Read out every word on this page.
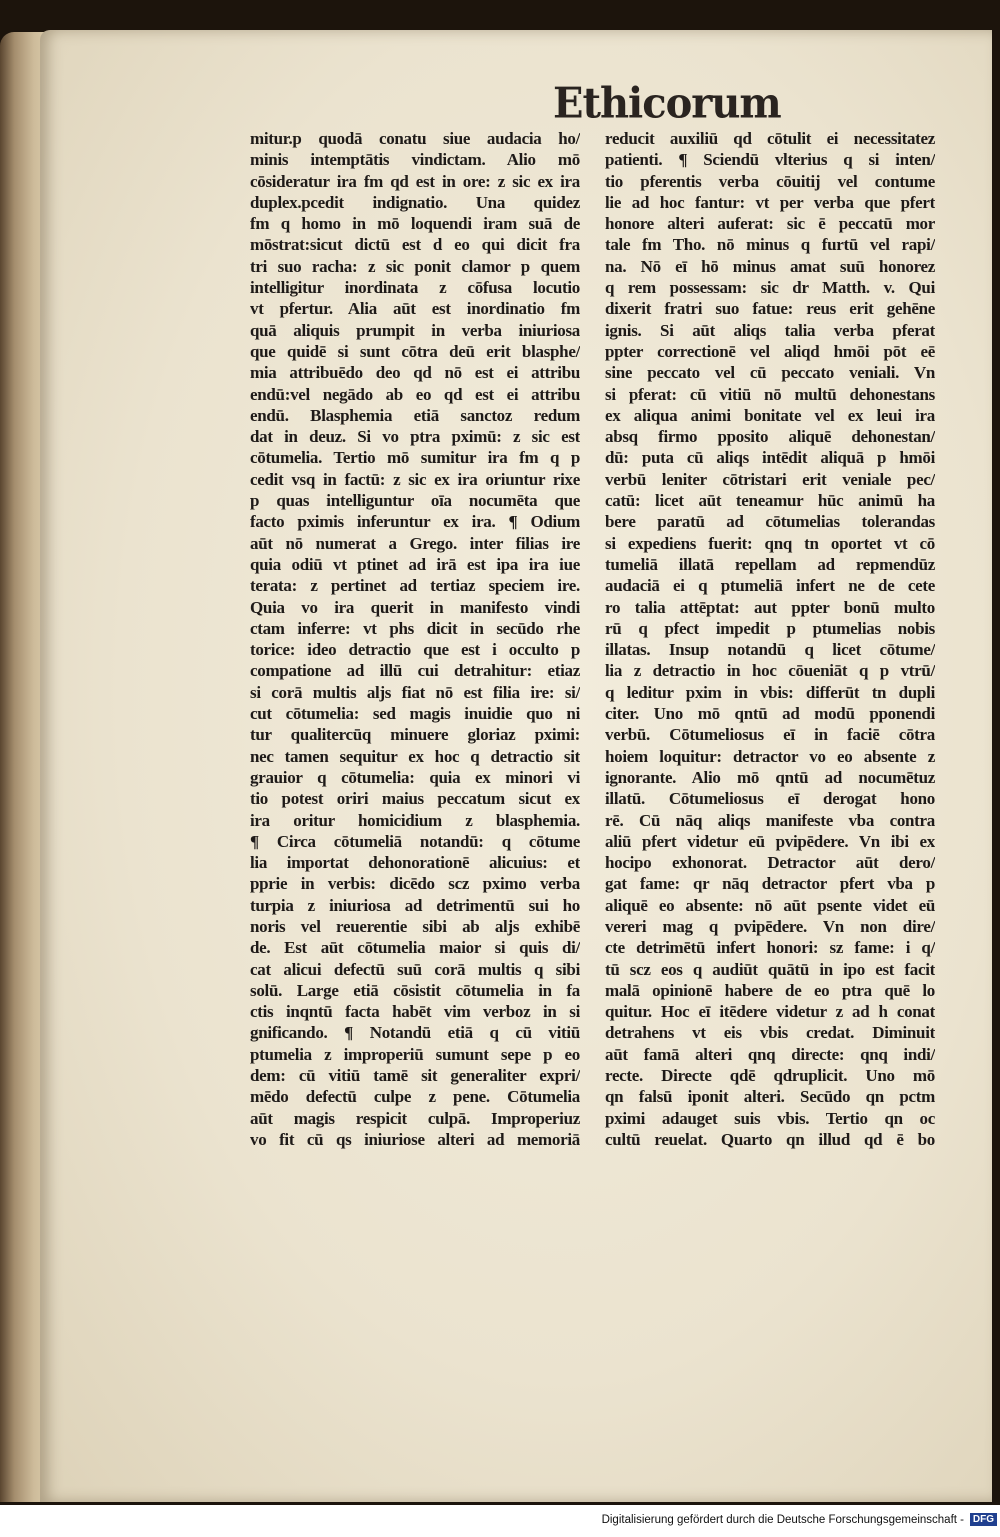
Ethicorum
mitur.p quodā conatu siue audacia ho/
minis intemptātis vindictam. Alio mō
cōsideratur ira fm qd est in ore: z sic ex ira
duplex.pcedit indignatio. Una quidez
fm q homo in mō loquendi iram suā de
mōstrat:sicut dictū est d eo qui dicit fra
tri suo racha: z sic ponit clamor p quem
intelligitur inordinata z cōfusa locutio
vt pfertur. Alia aūt est inordinatio fm
quā aliquis prumpit in verba iniuriosa
que quidē si sunt cōtra deū erit blasphe/
mia attribuēdo deo qd nō est ei attribu
endū:vel negādo ab eo qd est ei attribu
endū. Blasphemia etiā sanctoz redum
dat in deuz. Si vo ptra pximū: z sic est
cōtumelia. Tertio mō sumitur ira fm q p
cedit vsq in factū: z sic ex ira oriuntur rixe
p quas intelliguntur oīa nocumēta que
facto pximis inferuntur ex ira. ¶ Odium
aūt nō numerat a Grego. inter filias ire
quia odiū vt ptinet ad irā est ipa ira iue
terata: z pertinet ad tertiaz speciem ire.
Quia vo ira querit in manifesto vindi
ctam inferre: vt phs dicit in secūdo rhe
torice: ideo detractio que est i occulto p
compatione ad illū cui detrahitur: etiaz
si corā multis aljs fiat nō est filia ire: si/
cut cōtumelia: sed magis inuidie quo ni
tur qualitercūq minuere gloriaz pximi:
nec tamen sequitur ex hoc q detractio sit
grauior q cōtumelia: quia ex minori vi
tio potest oriri maius peccatum sicut ex
ira oritur homicidium z blasphemia.
¶ Circa cōtumeliā notandū: q cōtume
lia importat dehonorationē alicuius: et
pprie in verbis: dicēdo scz pximo verba
turpia z iniuriosa ad detrimentū sui ho
noris vel reuerentie sibi ab aljs exhibē
de. Est aūt cōtumelia maior si quis di/
cat alicui defectū suū corā multis q sibi
solū. Large etiā cōsistit cōtumelia in fa
ctis inqntū facta habēt vim verboz in si
gnificando. ¶ Notandū etiā q cū vitiū
ptumelia z improperiū sumunt sepe p eo
dem: cū vitiū tamē sit generaliter expri/
mēdo defectū culpe z pene. Cōtumelia
aūt magis respicit culpā. Improperiuz
vo fit cū qs iniuriose alteri ad memoriā
reducit auxiliū qd cōtulit ei necessitatez
patienti. ¶ Sciendū vlterius q si inten/
tio pferentis verba cōuitij vel contume
lie ad hoc fantur: vt per verba que pfert
honore alteri auferat: sic ē peccatū mor
tale fm Tho. nō minus q furtū vel rapi/
na. Nō eī hō minus amat suū honorez
q rem possessam: sic dr Matth. v. Qui
dixerit fratri suo fatue: reus erit gehēne
ignis. Si aūt aliqs talia verba pferat
ppter correctionē vel aliqd hmōi pōt eē
sine peccato vel cū peccato veniali. Vn
si pferat: cū vitiū nō multū dehonestans
ex aliqua animi bonitate vel ex leui ira
absq firmo pposito aliquē dehonestan/
dū: puta cū aliqs intēdit aliquā p hmōi
verbū leniter cōtristari erit veniale pec/
catū: licet aūt teneamur hūc animū ha
bere paratū ad cōtumelias tolerandas
si expediens fuerit: qnq tn oportet vt cō
tumeliā illatā repellam ad repmendūz
audaciā ei q ptumeliā infert ne de cete
ro talia attēptat: aut ppter bonū multo
rū q pfect impedit p ptumelias nobis
illatas. Insup notandū q licet cōtume/
lia z detractio in hoc cōueniāt q p vtrū/
q leditur pxim in vbis: differūt tn dupli
citer. Uno mō qntū ad modū pponendi
verbū. Cōtumeliosus eī in faciē cōtra
hoiem loquitur: detractor vo eo absente z
ignorante. Alio mō qntū ad nocumētuz
illatū. Cōtumeliosus eī derogat hono
rē. Cū nāq aliqs manifeste vba contra
aliū pfert videtur eū pvipēdere. Vn ibi ex
hocipo exhonorat. Detractor aūt dero/
gat fame: qr nāq detractor pfert vba p
aliquē eo absente: nō aūt psente videt eū
vereri mag q pvipēdere. Vn non dire/
cte detrimētū infert honori: sz fame: i q/
tū scz eos q audiūt quātū in ipo est facit
malā opinionē habere de eo ptra quē lo
quitur. Hoc eī itēdere videtur z ad h conat
detrahens vt eis vbis credat. Diminuit
aūt famā alteri qnq directe: qnq indi/
recte. Directe qdē qdruplicit. Uno mō
qn falsū iponit alteri. Secūdo qn pctm
pximi adauget suis vbis. Tertio qn oc
cultū reuelat. Quarto qn illud qd ē bo
Digitalisierung gefördert durch die Deutsche Forschungsgemeinschaft - DFG
